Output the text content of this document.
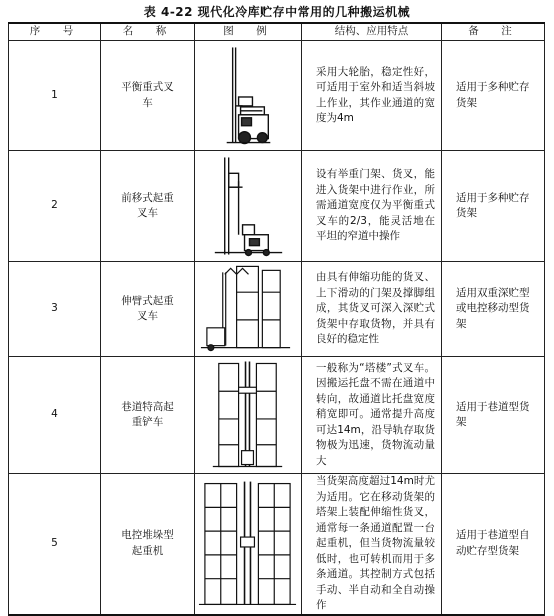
表 4-22 现代化冷库贮存中常用的几种搬运机械
序　号	名　称	图　例	结构、应用特点	备　注
1	平衡重式叉车		采用大轮胎，稳定性好，可适用于室外和适当斜坡上作业，其作业通道的宽度为4m	适用于多种贮存货架
2	前移式起重叉车		设有举重门架、货叉，能进入货架中进行作业，所需通道宽度仅为平衡重式叉车的2/3，能灵活地在平坦的窄道中操作	适用于多种贮存货架
3	伸臂式起重叉车		由具有伸缩功能的货叉、上下滑动的门架及撑脚组成，其货叉可深入深贮式货架中存取货物，并具有良好的稳定性	适用双重深贮型或电控移动型货架
4	巷道特高起重铲车		一般称为“塔楼”式叉车。因搬运托盘不需在通道中转向，故通道比托盘宽度稍宽即可。通常提升高度可达14m，沿导轨存取货物极为迅速，货物流动量大	适用于巷道型货架
5	电控堆垛型起重机		当货架高度超过14m时尤为适用。它在移动货架的塔架上装配伸缩性货叉，通常每一条通道配置一台起重机，但当货物流量较低时，也可转机而用于多条通道。其控制方式包括手动、半自动和全自动操作	适用于巷道型自动贮存型货架
